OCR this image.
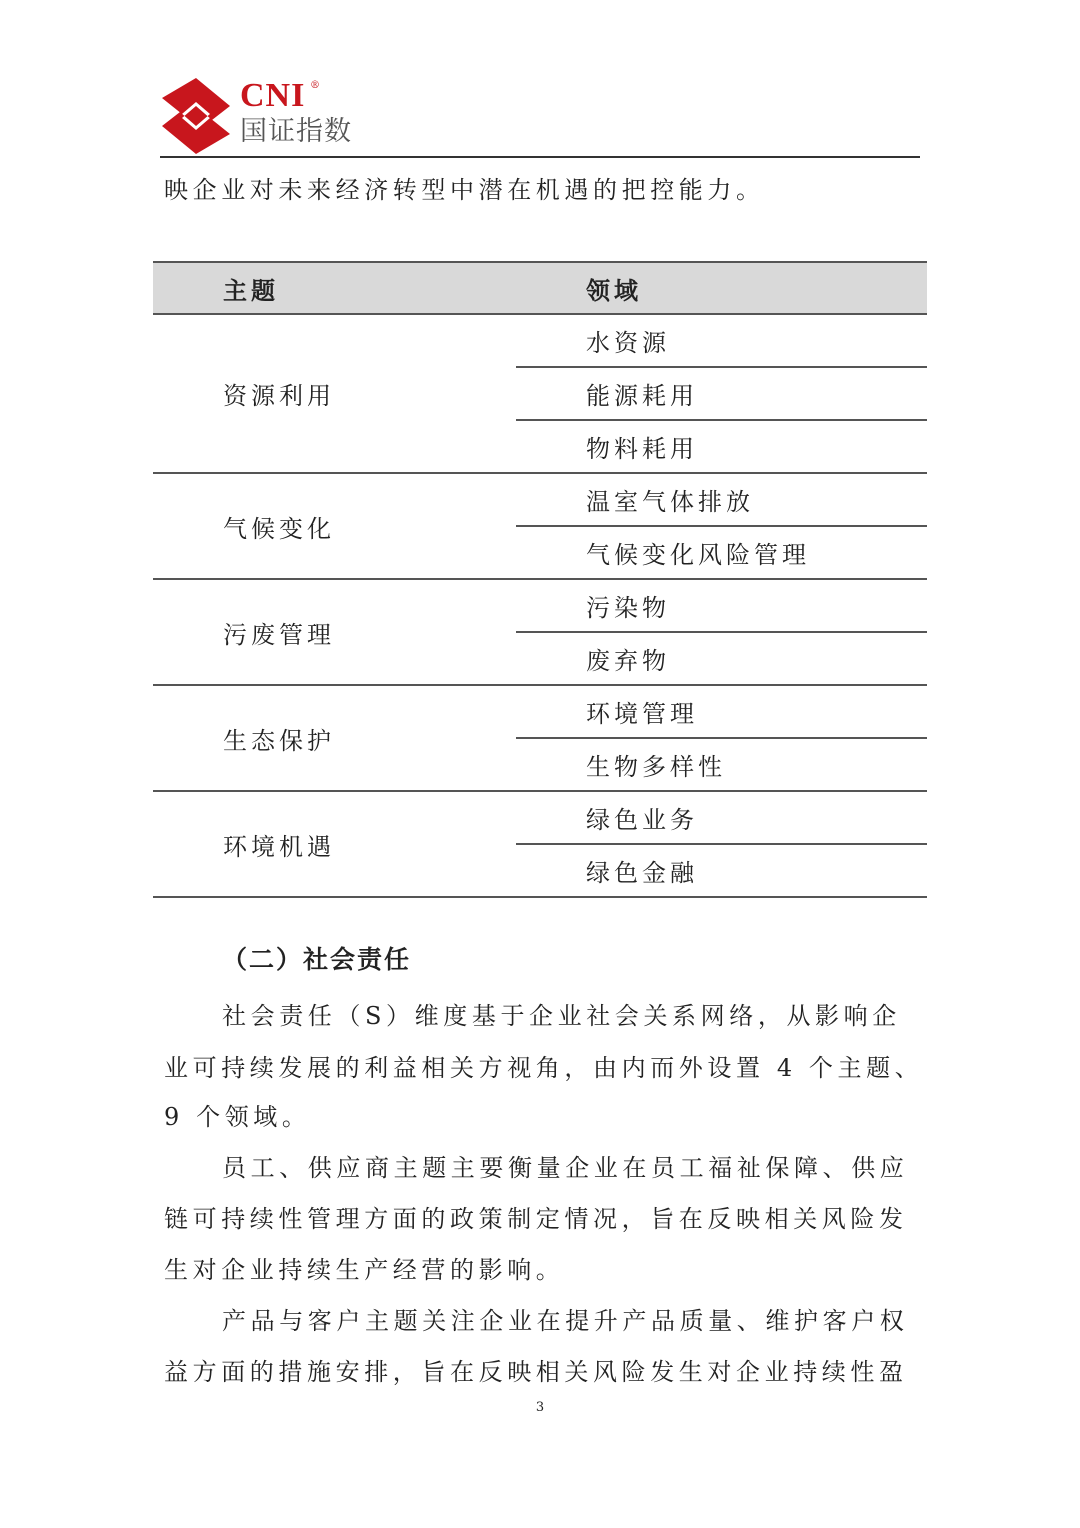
CNI ®
国证指数
映企业对未来经济转型中潜在机遇的把控能力。
主题	领域
资源利用	水资源
	能源耗用
	物料耗用
气候变化	温室气体排放
	气候变化风险管理
污废管理	污染物
	废弃物
生态保护	环境管理
	生物多样性
环境机遇	绿色业务
	绿色金融
（二）社会责任
社会责任（S）维度基于企业社会关系网络，从影响企
业可持续发展的利益相关方视角，由内而外设置 4 个主题、
9 个领域。
员工、供应商主题主要衡量企业在员工福祉保障、供应
链可持续性管理方面的政策制定情况，旨在反映相关风险发
生对企业持续生产经营的影响。
产品与客户主题关注企业在提升产品质量、维护客户权
益方面的措施安排，旨在反映相关风险发生对企业持续性盈
3
